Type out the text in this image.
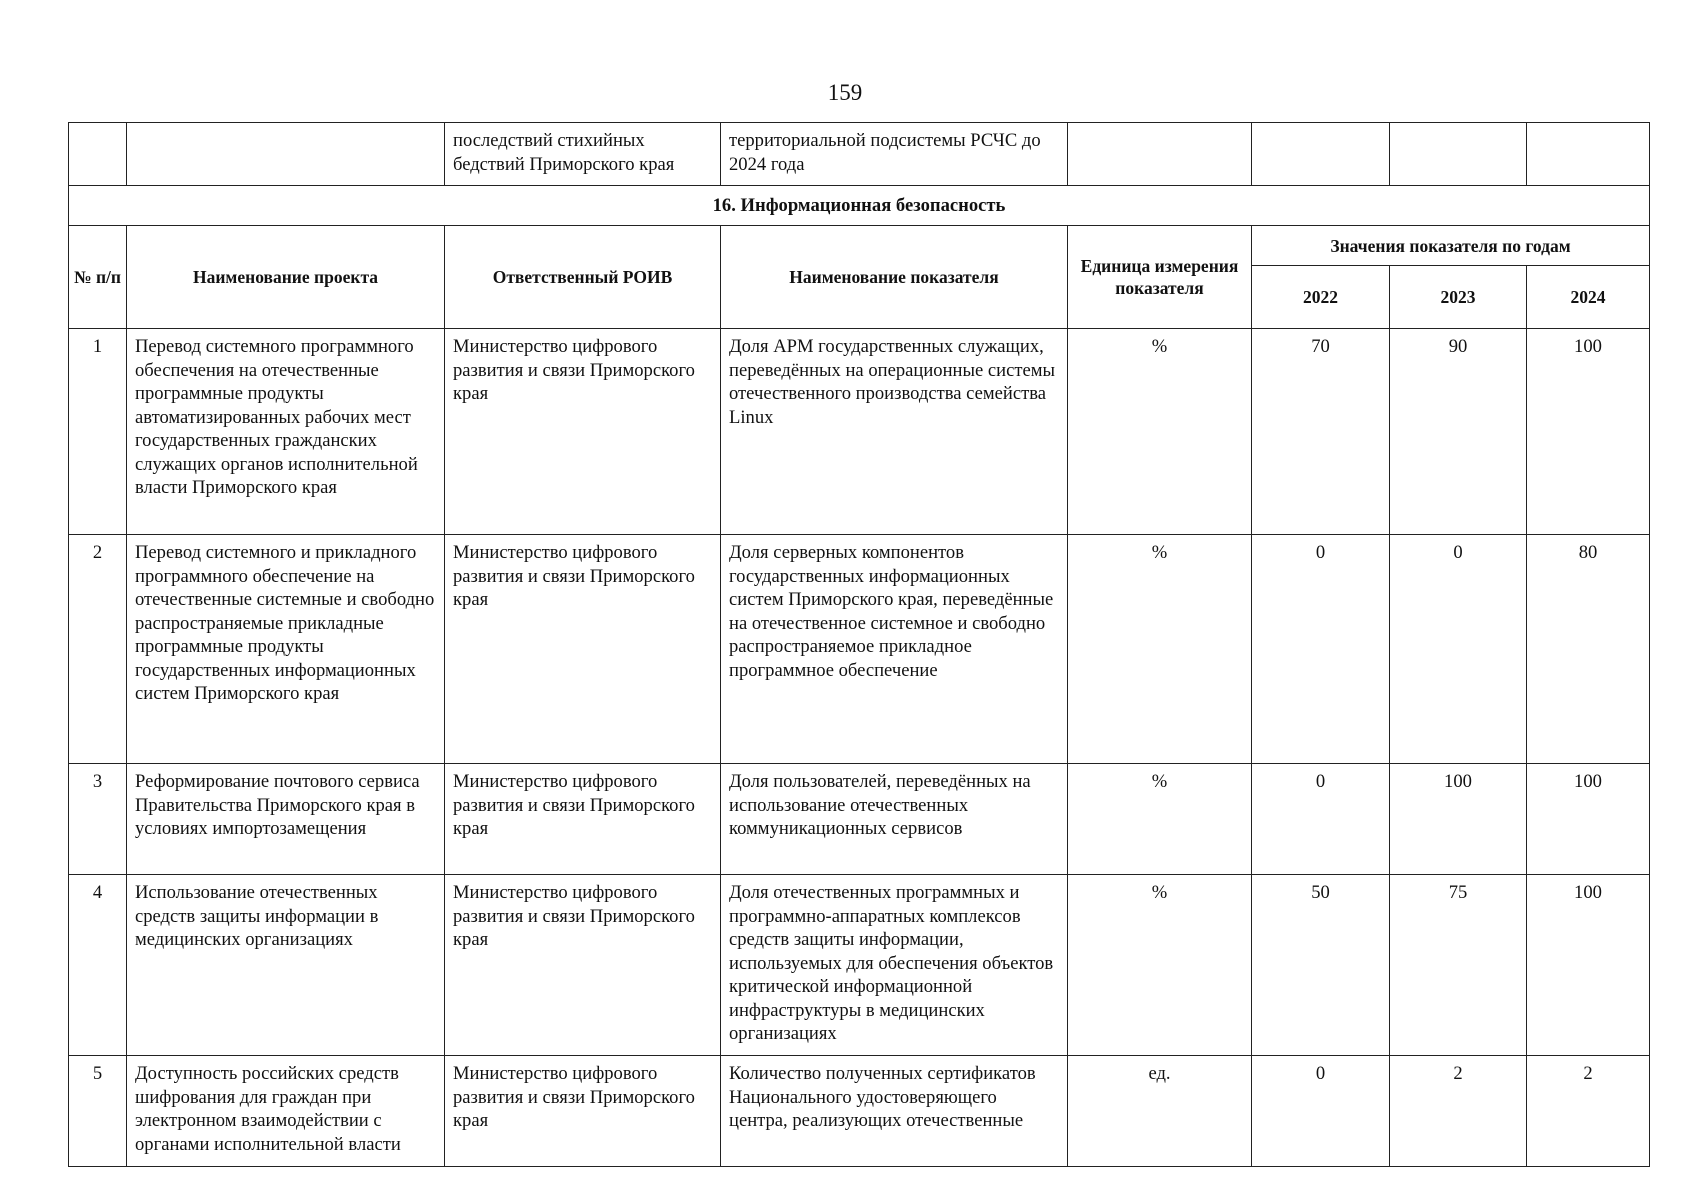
159
		последствий стихийных бедствий Приморского края	территориальной подсистемы РСЧС до 2024 года				
16. Информационная безопасность							
№ п/п	Наименование проекта	Ответственный РОИВ	Наименование показателя	Единица измерения показателя	Значения показателя по годам		
					2022	2023	2024
1	Перевод системного программного обеспечения на отечественные программные продукты автоматизированных рабочих мест государственных гражданских служащих органов исполнительной власти Приморского края	Министерство цифрового развития и связи Приморского края	Доля АРМ государственных служащих, переведённых на операционные системы отечественного производства семейства Linux	%	70	90	100
2	Перевод системного и прикладного программного обеспечение на отечественные системные и свободно распространяемые прикладные программные продукты государственных информационных систем Приморского края	Министерство цифрового развития и связи Приморского края	Доля серверных компонентов государственных информационных систем Приморского края, переведённые на отечественное системное и свободно распространяемое прикладное программное обеспечение	%	0	0	80
3	Реформирование почтового сервиса Правительства Приморского края в условиях импортозамещения	Министерство цифрового развития и связи Приморского края	Доля пользователей, переведённых на использование отечественных коммуникационных сервисов	%	0	100	100
4	Использование отечественных средств защиты информации в медицинских организациях	Министерство цифрового развития и связи Приморского края	Доля отечественных программных и программно-аппаратных комплексов средств защиты информации, используемых для обеспечения объектов критической информационной инфраструктуры в медицинских организациях	%	50	75	100
5	Доступность российских средств шифрования для граждан при электронном взаимодействии с органами исполнительной власти	Министерство цифрового развития и связи Приморского края	Количество полученных сертификатов Национального удостоверяющего центра, реализующих отечественные	ед.	0	2	2
